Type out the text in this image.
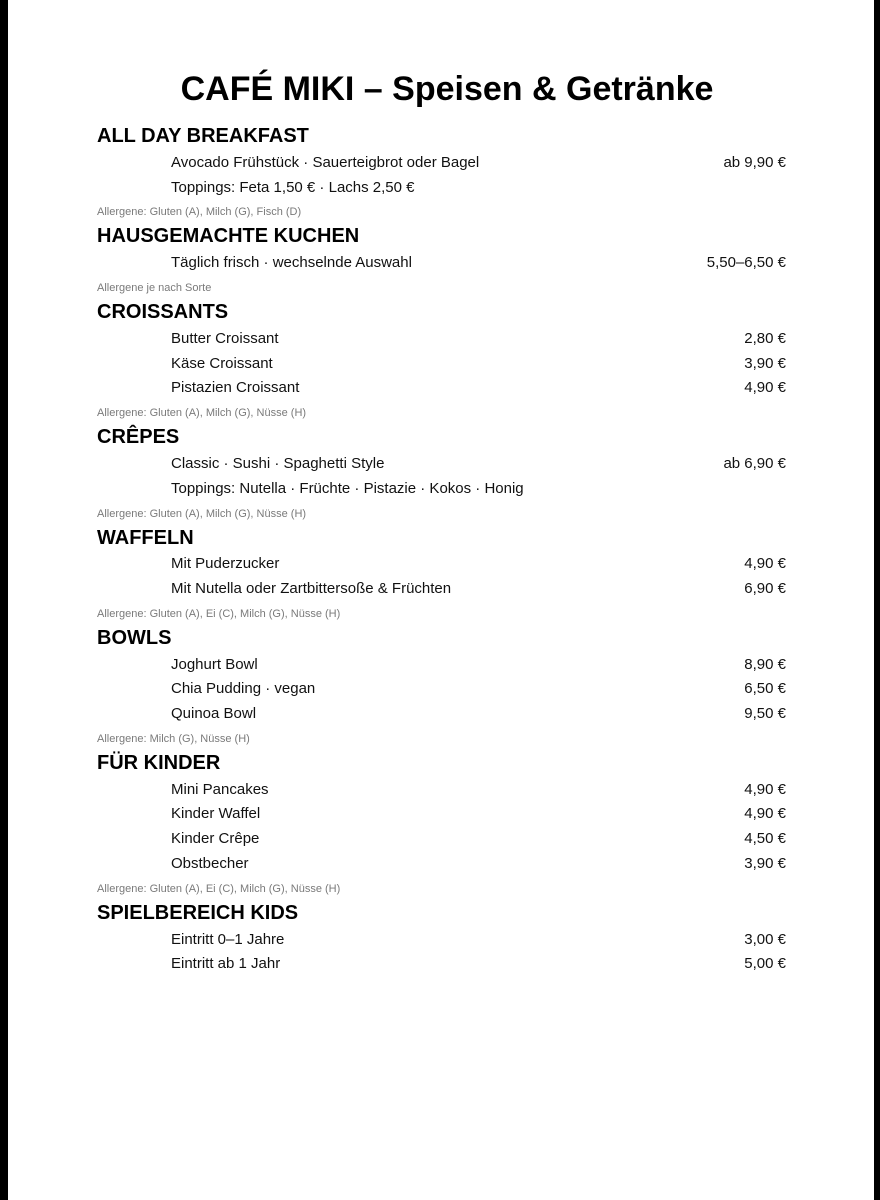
CAFÉ MIKI – Speisen & Getränke
ALL DAY BREAKFAST
Avocado Frühstück · Sauerteigbrot oder Bagel	ab 9,90 €
Toppings: Feta 1,50 € · Lachs 2,50 €
Allergene: Gluten (A), Milch (G), Fisch (D)
HAUSGEMACHTE KUCHEN
Täglich frisch · wechselnde Auswahl	5,50–6,50 €
Allergene je nach Sorte
CROISSANTS
Butter Croissant	2,80 €
Käse Croissant	3,90 €
Pistazien Croissant	4,90 €
Allergene: Gluten (A), Milch (G), Nüsse (H)
CRÊPES
Classic · Sushi · Spaghetti Style	ab 6,90 €
Toppings: Nutella · Früchte · Pistazie · Kokos · Honig
Allergene: Gluten (A), Milch (G), Nüsse (H)
WAFFELN
Mit Puderzucker	4,90 €
Mit Nutella oder Zartbittersoße & Früchten	6,90 €
Allergene: Gluten (A), Ei (C), Milch (G), Nüsse (H)
BOWLS
Joghurt Bowl	8,90 €
Chia Pudding · vegan	6,50 €
Quinoa Bowl	9,50 €
Allergene: Milch (G), Nüsse (H)
FÜR KINDER
Mini Pancakes	4,90 €
Kinder Waffel	4,90 €
Kinder Crêpe	4,50 €
Obstbecher	3,90 €
Allergene: Gluten (A), Ei (C), Milch (G), Nüsse (H)
SPIELBEREICH KIDS
Eintritt 0–1 Jahre	3,00 €
Eintritt ab 1 Jahr	5,00 €
